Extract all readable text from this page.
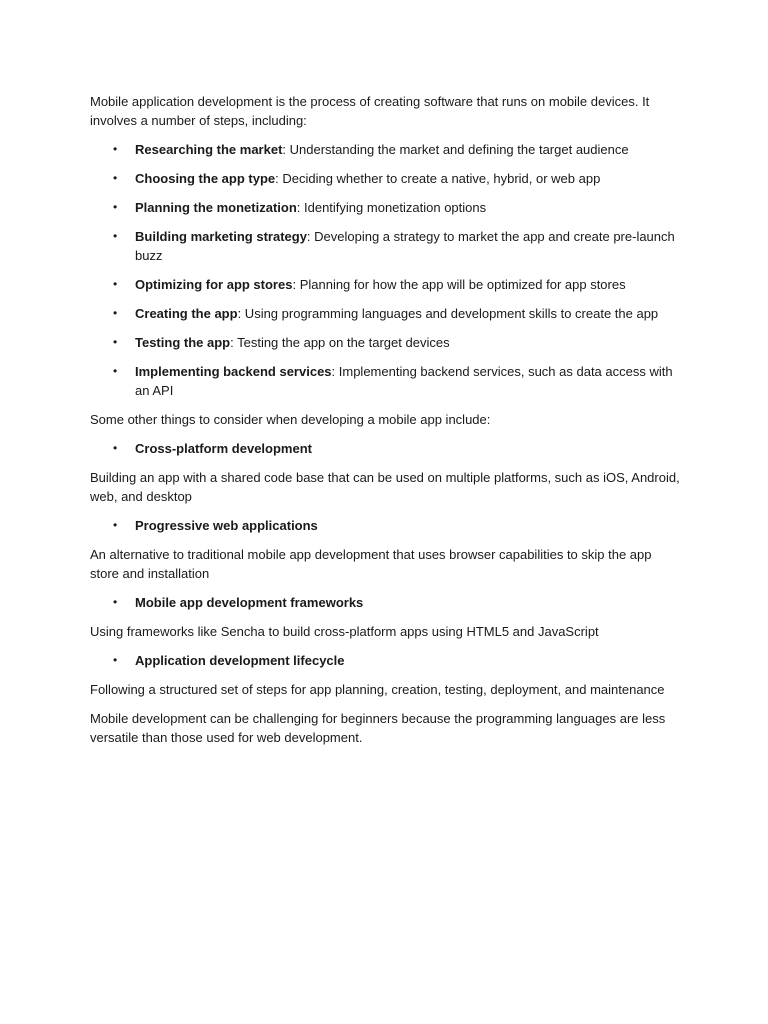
Mobile application development is the process of creating software that runs on mobile devices. It involves a number of steps, including:

• Researching the market: Understanding the market and defining the target audience
• Choosing the app type: Deciding whether to create a native, hybrid, or web app
• Planning the monetization: Identifying monetization options
• Building marketing strategy: Developing a strategy to market the app and create pre-launch buzz
• Optimizing for app stores: Planning for how the app will be optimized for app stores
• Creating the app: Using programming languages and development skills to create the app
• Testing the app: Testing the app on the target devices
• Implementing backend services: Implementing backend services, such as data access with an API

Some other things to consider when developing a mobile app include:

• Cross-platform development

Building an app with a shared code base that can be used on multiple platforms, such as iOS, Android, web, and desktop

• Progressive web applications

An alternative to traditional mobile app development that uses browser capabilities to skip the app store and installation

• Mobile app development frameworks

Using frameworks like Sencha to build cross-platform apps using HTML5 and JavaScript

• Application development lifecycle

Following a structured set of steps for app planning, creation, testing, deployment, and maintenance

Mobile development can be challenging for beginners because the programming languages are less versatile than those used for web development.
